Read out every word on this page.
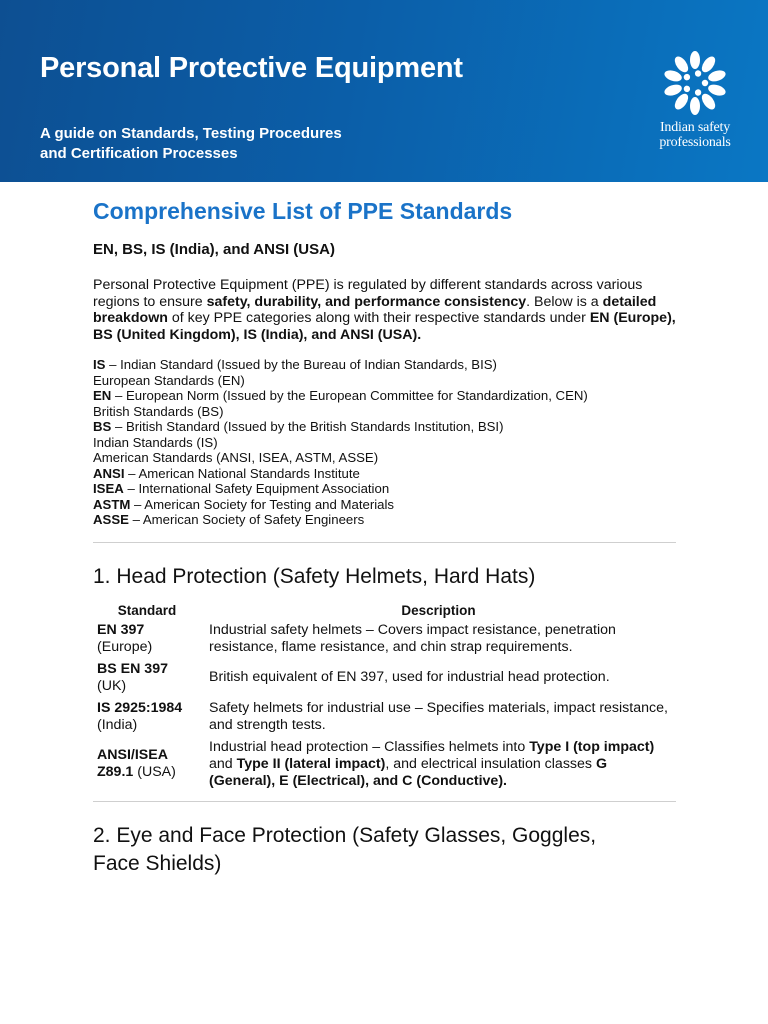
Personal Protective Equipment
A guide on Standards, Testing Procedures
and Certification Processes
Indian safety
professionals
Comprehensive List of PPE Standards
EN, BS, IS (India), and ANSI (USA)

Personal Protective Equipment (PPE) is regulated by different standards across various regions to ensure safety, durability, and performance consistency. Below is a detailed breakdown of key PPE categories along with their respective standards under EN (Europe), BS (United Kingdom), IS (India), and ANSI (USA).

IS – Indian Standard (Issued by the Bureau of Indian Standards, BIS)
European Standards (EN)
EN – European Norm (Issued by the European Committee for Standardization, CEN)
British Standards (BS)
BS – British Standard (Issued by the British Standards Institution, BSI)
Indian Standards (IS)
American Standards (ANSI, ISEA, ASTM, ASSE)
ANSI – American National Standards Institute
ISEA – International Safety Equipment Association
ASTM – American Society for Testing and Materials
ASSE – American Society of Safety Engineers
1. Head Protection (Safety Helmets, Hard Hats)
Standard	Description
EN 397
(Europe)	Industrial safety helmets – Covers impact resistance, penetration resistance, flame resistance, and chin strap requirements.
BS EN 397
(UK)	British equivalent of EN 397, used for industrial head protection.
IS 2925:1984
(India)	Safety helmets for industrial use – Specifies materials, impact resistance, and strength tests.
ANSI/ISEA Z89.1 (USA)	Industrial head protection – Classifies helmets into Type I (top impact) and Type II (lateral impact), and electrical insulation classes G (General), E (Electrical), and C (Conductive).
2. Eye and Face Protection (Safety Glasses, Goggles, Face Shields)
